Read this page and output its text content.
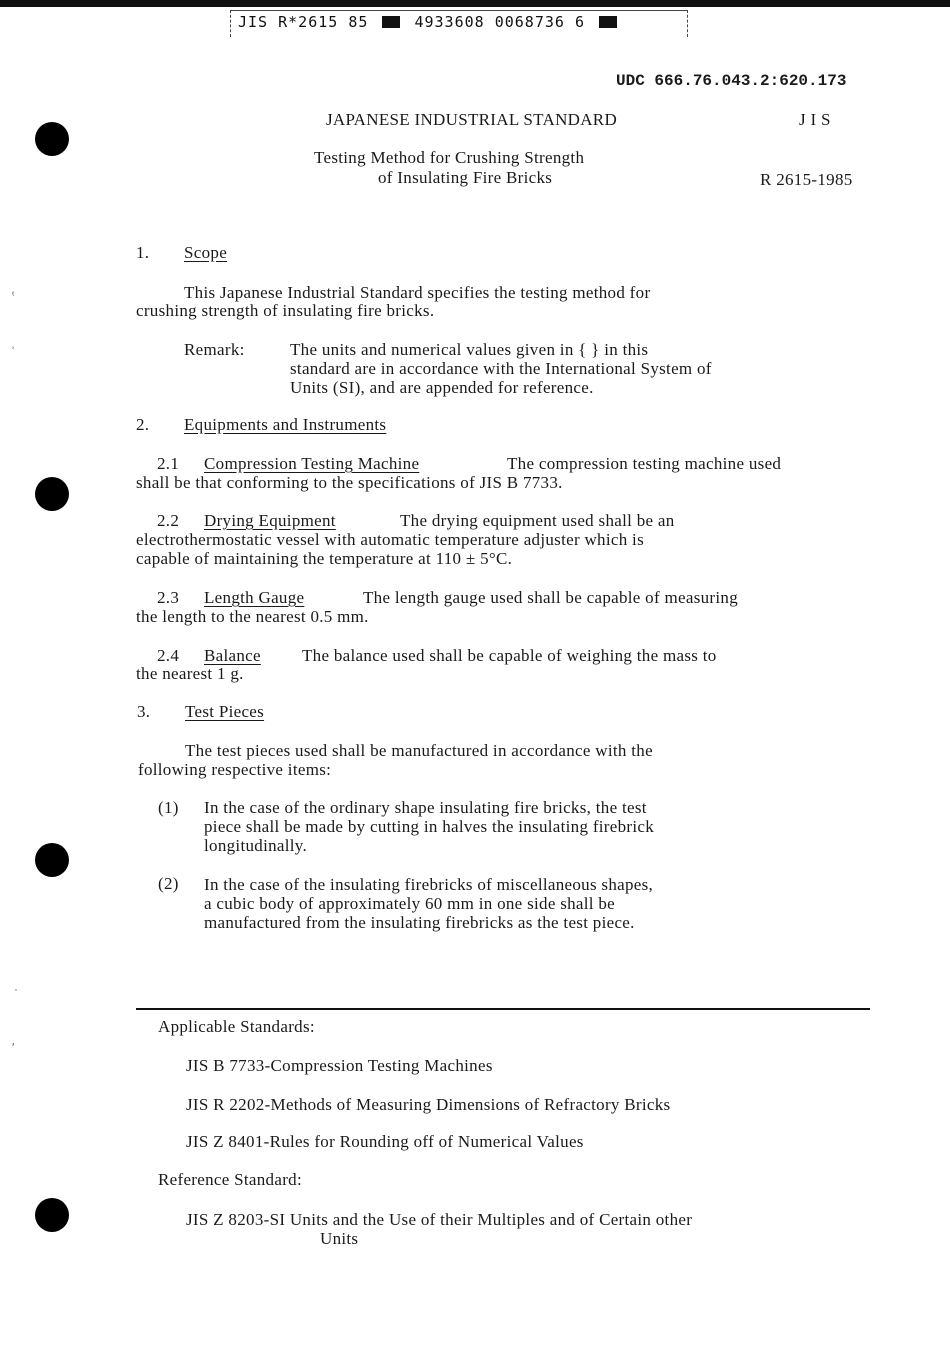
JIS R*2615 85	4933608 0068736 6
ᵗ
ʾ
˙
ʹ
UDC 666.76.043.2:620.173
JAPANESE INDUSTRIAL STANDARD	J I S
Testing Method for Crushing Strength
of Insulating Fire Bricks	R 2615-1985
1. Scope
This Japanese Industrial Standard specifies the testing method for
crushing strength of insulating fire bricks.
Remark:	The units and numerical values given in { } in this
standard are in accordance with the International System of
Units (SI), and are appended for reference.
2. Equipments and Instruments
2.1 Compression Testing Machine	The compression testing machine used
shall be that conforming to the specifications of JIS B 7733.
2.2 Drying Equipment	The drying equipment used shall be an
electrothermostatic vessel with automatic temperature adjuster which is
capable of maintaining the temperature at 110 ± 5°C.
2.3 Length Gauge	The length gauge used shall be capable of measuring
the length to the nearest 0.5 mm.
2.4 Balance The balance used shall be capable of weighing the mass to
the nearest 1 g.
3. Test Pieces
The test pieces used shall be manufactured in accordance with the
following respective items:
(1) In the case of the ordinary shape insulating fire bricks, the test
piece shall be made by cutting in halves the insulating firebrick
longitudinally.
(2) In the case of the insulating firebricks of miscellaneous shapes,
a cubic body of approximately 60 mm in one side shall be
manufactured from the insulating firebricks as the test piece.
Applicable Standards:
JIS B 7733-Compression Testing Machines
JIS R 2202-Methods of Measuring Dimensions of Refractory Bricks
JIS Z 8401-Rules for Rounding off of Numerical Values
Reference Standard:
JIS Z 8203-SI Units and the Use of their Multiples and of Certain other
Units
